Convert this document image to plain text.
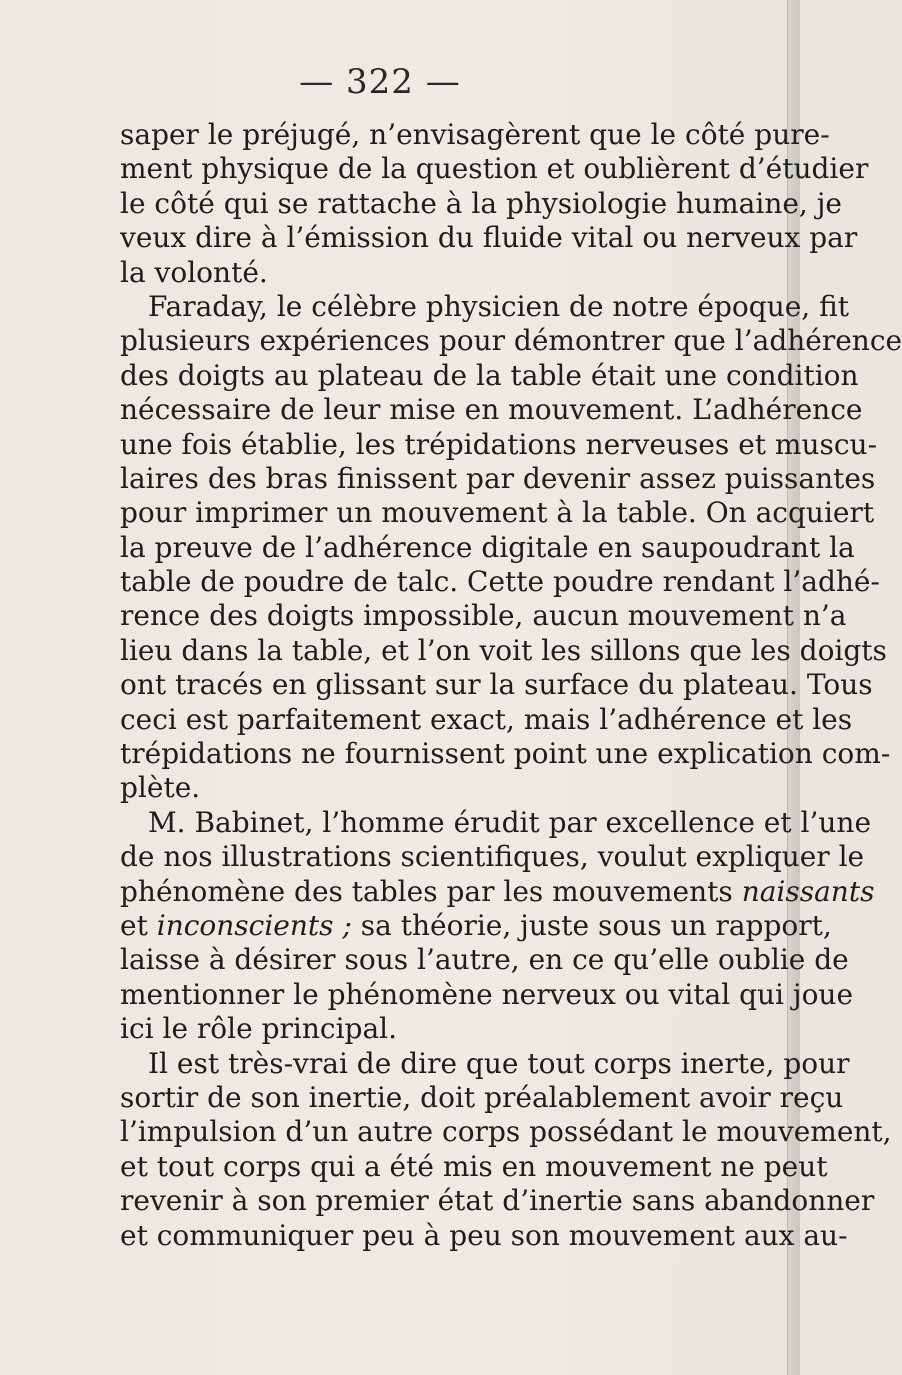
— 322 —
saper le préjugé, n’envisagèrent que le côté pure-
ment physique de la question et oublièrent d’étudier
le côté qui se rattache à la physiologie humaine, je
veux dire à l’émission du fluide vital ou nerveux par
la volonté.
Faraday, le célèbre physicien de notre époque, fit
plusieurs expériences pour démontrer que l’adhérence
des doigts au plateau de la table était une condition
nécessaire de leur mise en mouvement. L’adhérence
une fois établie, les trépidations nerveuses et muscu-
laires des bras finissent par devenir assez puissantes
pour imprimer un mouvement à la table. On acquiert
la preuve de l’adhérence digitale en saupoudrant la
table de poudre de talc. Cette poudre rendant l’adhé-
rence des doigts impossible, aucun mouvement n’a
lieu dans la table, et l’on voit les sillons que les doigts
ont tracés en glissant sur la surface du plateau. Tous
ceci est parfaitement exact, mais l’adhérence et les
trépidations ne fournissent point une explication com-
plète.
M. Babinet, l’homme érudit par excellence et l’une
de nos illustrations scientifiques, voulut expliquer le
phénomène des tables par les mouvements naissants
et inconscients ; sa théorie, juste sous un rapport,
laisse à désirer sous l’autre, en ce qu’elle oublie de
mentionner le phénomène nerveux ou vital qui joue
ici le rôle principal.
Il est très-vrai de dire que tout corps inerte, pour
sortir de son inertie, doit préalablement avoir reçu
l’impulsion d’un autre corps possédant le mouvement,
et tout corps qui a été mis en mouvement ne peut
revenir à son premier état d’inertie sans abandonner
et communiquer peu à peu son mouvement aux au-
